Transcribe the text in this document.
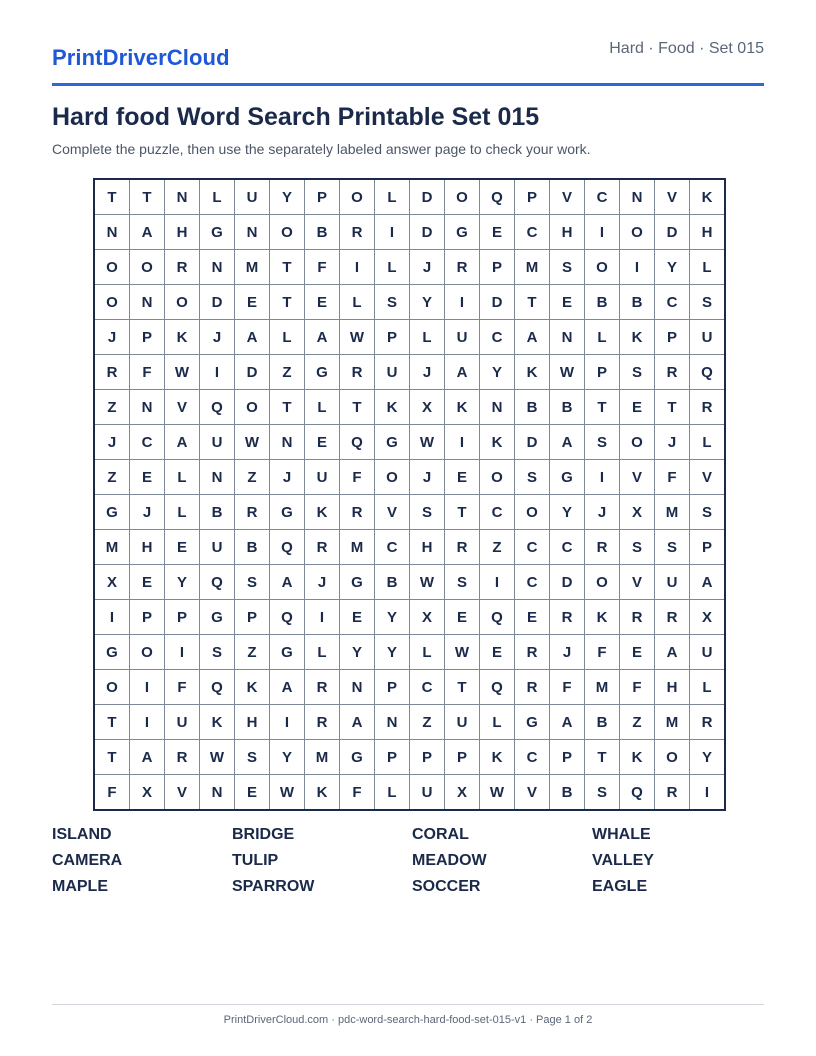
PrintDriverCloud	Hard · Food · Set 015
Hard food Word Search Printable Set 015

Complete the puzzle, then use the separately labeled answer page to check your work.

T	T	N	L	U	Y	P	O	L	D	O	Q	P	V	C	N	V	K
N	A	H	G	N	O	B	R	I	D	G	E	C	H	I	O	D	H
O	O	R	N	M	T	F	I	L	J	R	P	M	S	O	I	Y	L
O	N	O	D	E	T	E	L	S	Y	I	D	T	E	B	B	C	S
J	P	K	J	A	L	A	W	P	L	U	C	A	N	L	K	P	U
R	F	W	I	D	Z	G	R	U	J	A	Y	K	W	P	S	R	Q
Z	N	V	Q	O	T	L	T	K	X	K	N	B	B	T	E	T	R
J	C	A	U	W	N	E	Q	G	W	I	K	D	A	S	O	J	L
Z	E	L	N	Z	J	U	F	O	J	E	O	S	G	I	V	F	V
G	J	L	B	R	G	K	R	V	S	T	C	O	Y	J	X	M	S
M	H	E	U	B	Q	R	M	C	H	R	Z	C	C	R	S	S	P
X	E	Y	Q	S	A	J	G	B	W	S	I	C	D	O	V	U	A
I	P	P	G	P	Q	I	E	Y	X	E	Q	E	R	K	R	R	X
G	O	I	S	Z	G	L	Y	Y	L	W	E	R	J	F	E	A	U
O	I	F	Q	K	A	R	N	P	C	T	Q	R	F	M	F	H	L
T	I	U	K	H	I	R	A	N	Z	U	L	G	A	B	Z	M	R
T	A	R	W	S	Y	M	G	P	P	P	K	C	P	T	K	O	Y
F	X	V	N	E	W	K	F	L	U	X	W	V	B	S	Q	R	I
ISLAND	BRIDGE	CORAL	WHALE
CAMERA	TULIP	MEADOW	VALLEY
MAPLE	SPARROW	SOCCER	EAGLE
PrintDriverCloud.com · pdc-word-search-hard-food-set-015-v1 · Page 1 of 2
